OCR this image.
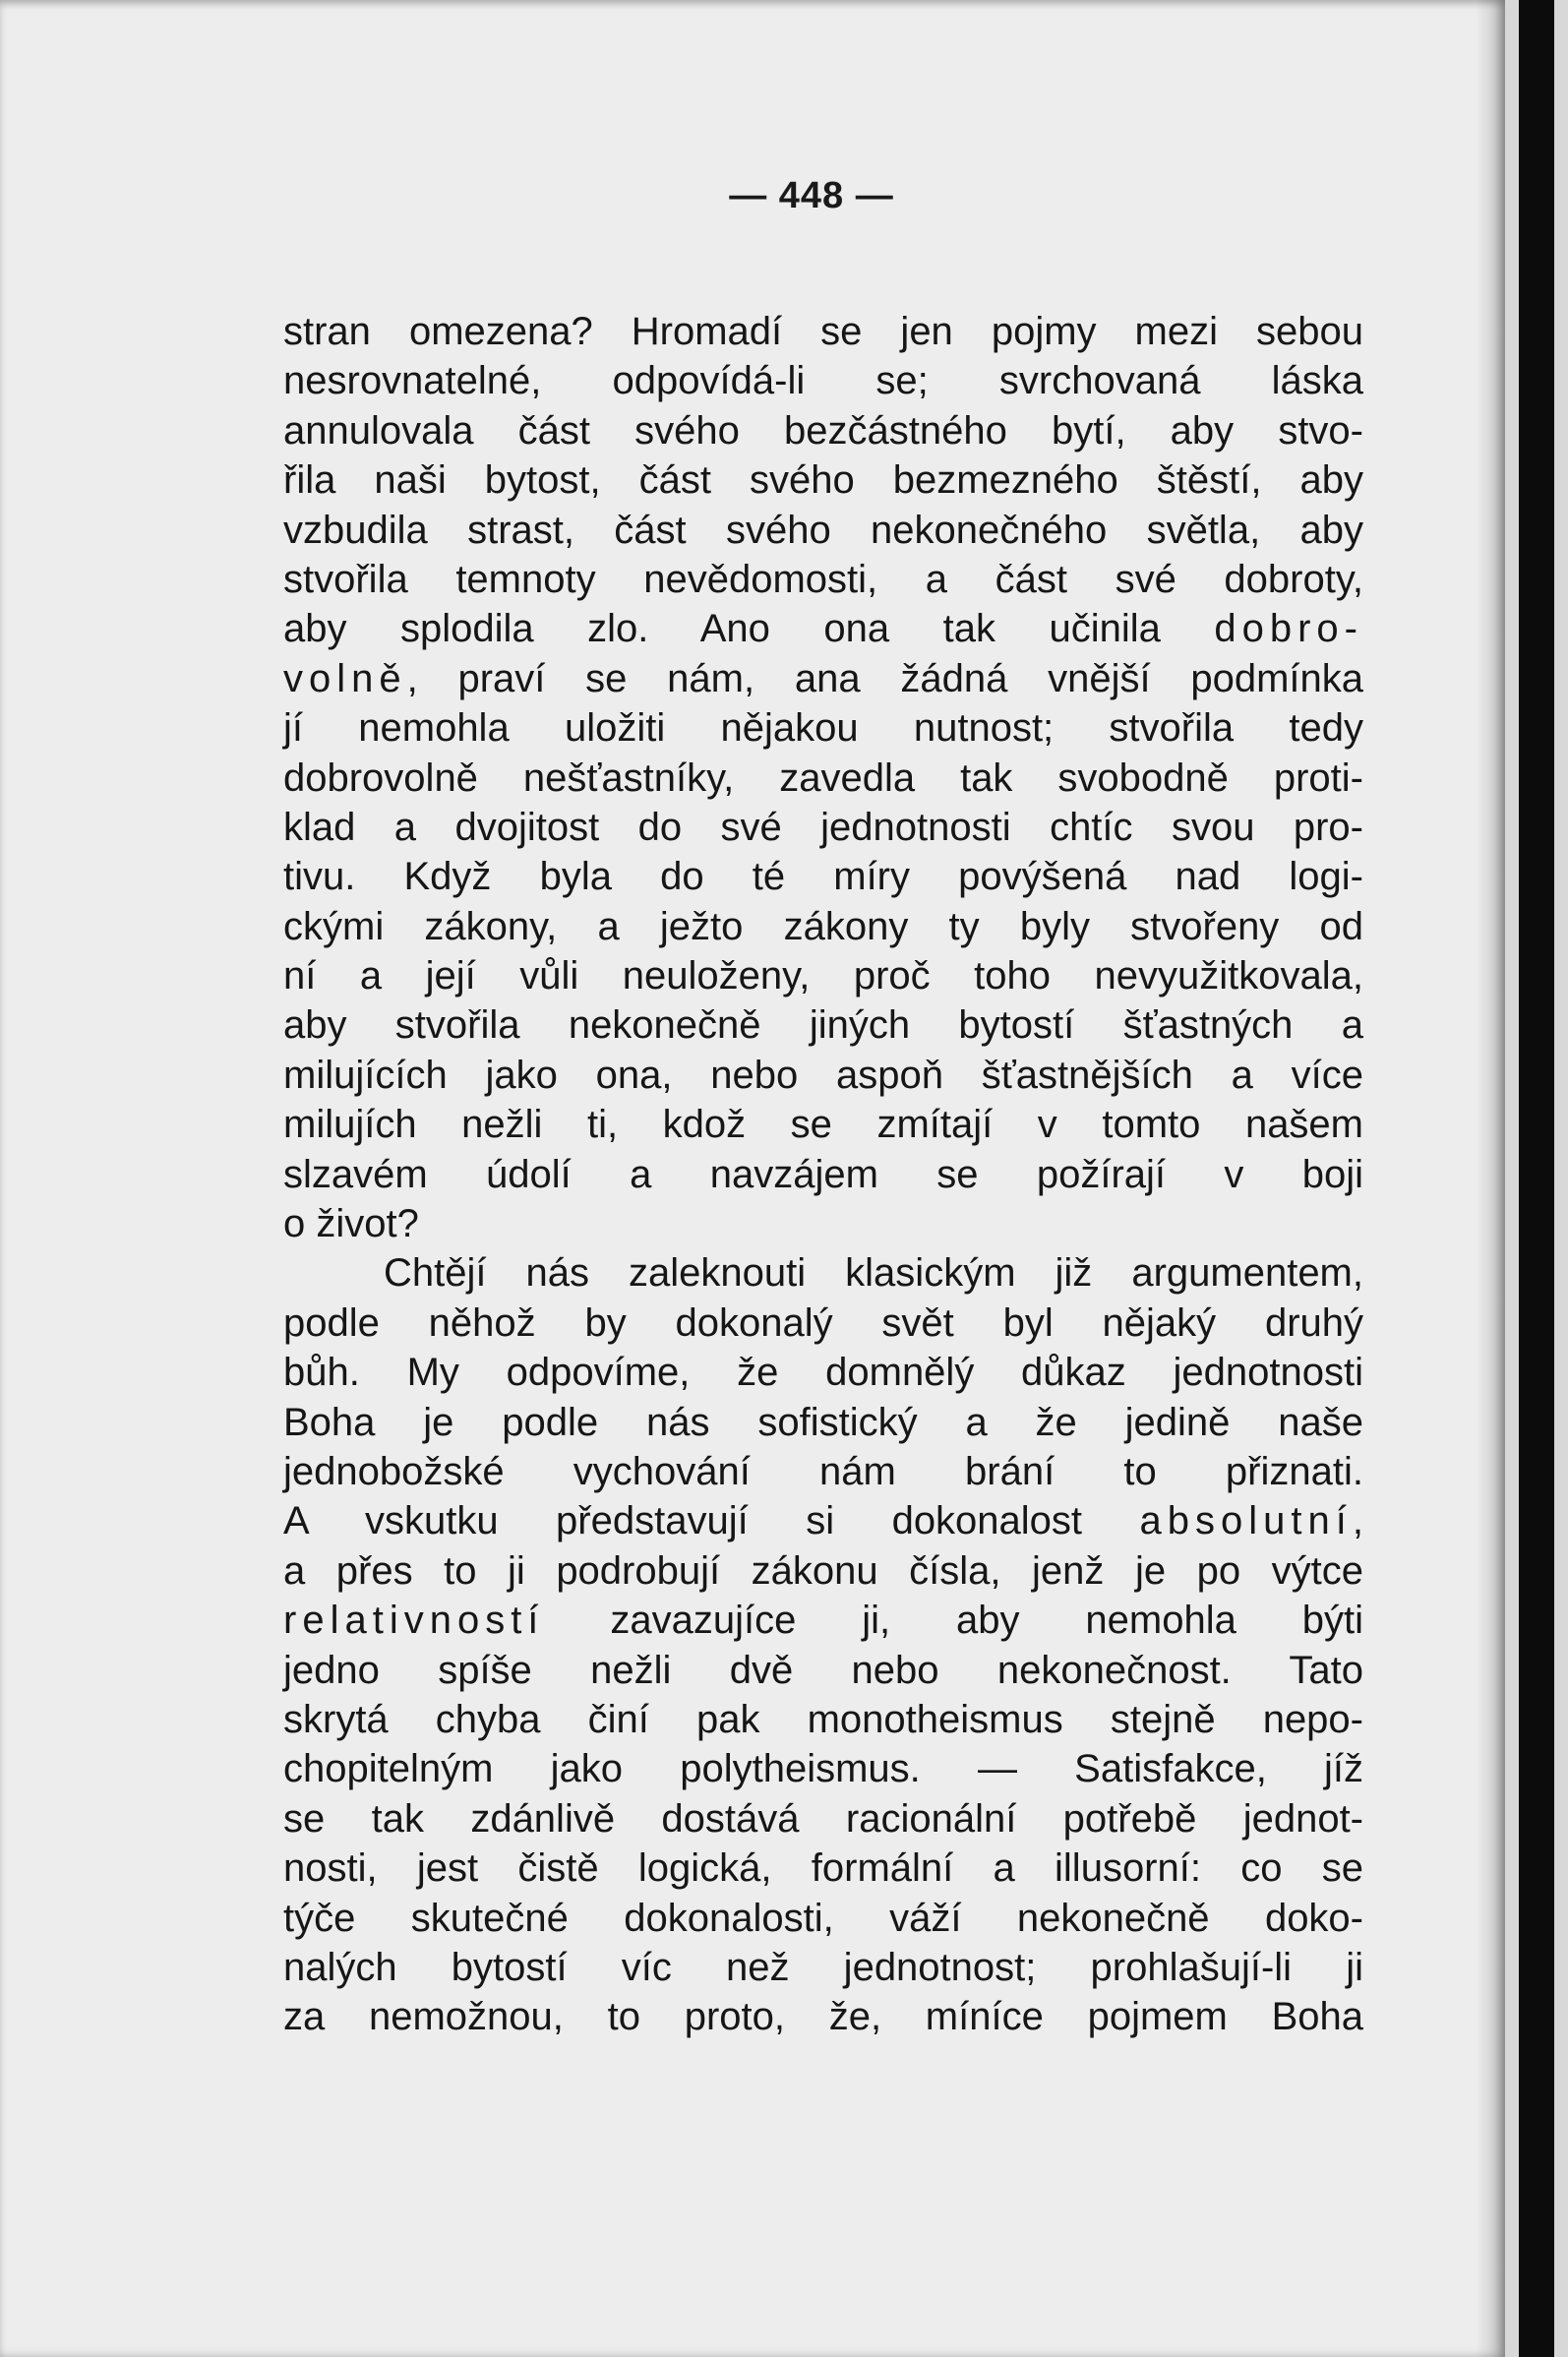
— 448 —
stran omezena? Hromadí se jen pojmy mezi sebou
nesrovnatelné, odpovídá-li se; svrchovaná láska
annulovala část svého bezčástného bytí, aby stvo-
řila naši bytost, část svého bezmezného štěstí, aby
vzbudila strast, část svého nekonečného světla, aby
stvořila temnoty nevědomosti, a část své dobroty,
aby splodila zlo. Ano ona tak učinila dobro-
volně, praví se nám, ana žádná vnější podmínka
jí nemohla uložiti nějakou nutnost; stvořila tedy
dobrovolně nešťastníky, zavedla tak svobodně proti-
klad a dvojitost do své jednotnosti chtíc svou pro-
tivu. Když byla do té míry povýšená nad logi-
ckými zákony, a ježto zákony ty byly stvořeny od
ní a její vůli neuloženy, proč toho nevyužitkovala,
aby stvořila nekonečně jiných bytostí šťastných a
milujících jako ona, nebo aspoň šťastnějších a více
milujích nežli ti, kdož se zmítají v tomto našem
slzavém údolí a navzájem se požírají v boji
o život?
Chtějí nás zaleknouti klasickým již argumentem,
podle něhož by dokonalý svět byl nějaký druhý
bůh. My odpovíme, že domnělý důkaz jednotnosti
Boha je podle nás sofistický a že jedině naše
jednobožské vychování nám brání to přiznati.
A vskutku představují si dokonalost absolutní,
a přes to ji podrobují zákonu čísla, jenž je po výtce
relativností zavazujíce ji, aby nemohla býti
jedno spíše nežli dvě nebo nekonečnost. Tato
skrytá chyba činí pak monotheismus stejně nepo-
chopitelným jako polytheismus. — Satisfakce, jíž
se tak zdánlivě dostává racionální potřebě jednot-
nosti, jest čistě logická, formální a illusorní: co se
týče skutečné dokonalosti, váží nekonečně doko-
nalých bytostí víc než jednotnost; prohlašují-li ji
za nemožnou, to proto, že, míníce pojmem Boha
